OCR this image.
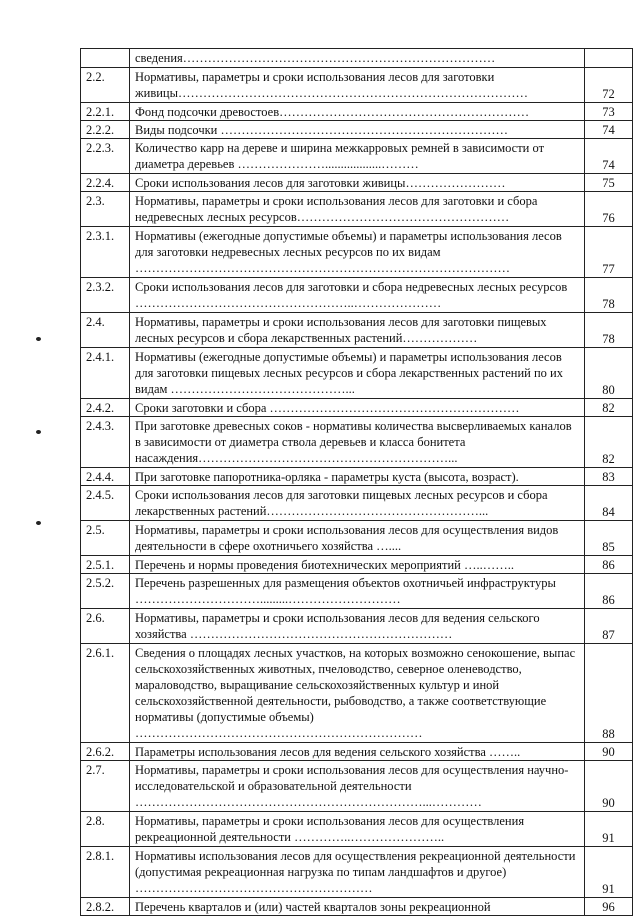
	сведения…………………………………………………………………	
2.2.	Нормативы, параметры и сроки использования лесов для заготовки живицы…………………………………………………………………………	72
2.2.1.	Фонд подсочки древостоев……………………………………………………	73
2.2.2.	Виды подсочки ……………………………………………………………	74
2.2.3.	Количество карр на дереве и ширина межкарровых ремней в зависимости от диаметра деревьев …………………..................………	74
2.2.4.	Сроки использования лесов для заготовки живицы……………………	75
2.3.	Нормативы, параметры и сроки использования лесов для заготовки и сбора недревесных лесных ресурсов……………………………………………	76
2.3.1.	Нормативы (ежегодные допустимые объемы) и параметры использования лесов для заготовки недревесных лесных ресурсов по их видам ………………………………………………………………………………	77
2.3.2.	Сроки использования лесов для заготовки и сбора недревесных лесных ресурсов ……………………………………………..…………………	78
2.4.	Нормативы, параметры и сроки использования лесов для заготовки пищевых лесных ресурсов и сбора лекарственных растений………………	78
2.4.1.	Нормативы (ежегодные допустимые объемы) и параметры использования лесов для заготовки пищевых лесных ресурсов и сбора лекарственных растений по их видам ……………………………………...	80
2.4.2.	Сроки заготовки и сбора ……………………………………………………	82
2.4.3.	При заготовке древесных соков - нормативы количества высверливаемых каналов в зависимости от диаметра ствола деревьев и класса бонитета насаждения……………………………………………………...	82
2.4.4.	При заготовке папоротника-орляка - параметры куста (высота, возраст).	83
2.4.5.	Сроки использования лесов для заготовки пищевых лесных ресурсов и сбора лекарственных растений……………………………………………...	84
2.5.	Нормативы, параметры и сроки использования лесов для осуществления видов деятельности в сфере охотничьего хозяйства …....	85
2.5.1.	Перечень и нормы проведения биотехнических мероприятий …..……..	86
2.5.2.	Перечень разрешенных для размещения объектов охотничьей инфраструктуры ………………………….........………………………	86
2.6.	Нормативы, параметры и сроки использования лесов для ведения сельского хозяйства ………………………………………………………	87
2.6.1.	Сведения о площадях лесных участков, на которых возможно сенокошение, выпас сельскохозяйственных животных, пчеловодство, северное оленеводство, мараловодство, выращивание сельскохозяйственных культур и иной сельскохозяйственной деятельности, рыбоводство, а также соответствующие нормативы (допустимые объемы) ……………………………………………………………	88
2.6.2.	Параметры использования лесов для ведения сельского хозяйства ……..	90
2.7.	Нормативы, параметры и сроки использования лесов для осуществления научно-исследовательской и образовательной деятельности ……………………………………………………………...…………	90
2.8.	Нормативы, параметры и сроки использования лесов для осуществления рекреационной деятельности …………..…………………..	91
2.8.1.	Нормативы использования лесов для осуществления рекреационной деятельности (допустимая рекреационная нагрузка по типам ландшафтов и другое) …………………………………………………	91
2.8.2.	Перечень кварталов и (или) частей кварталов зоны рекреационной	96
